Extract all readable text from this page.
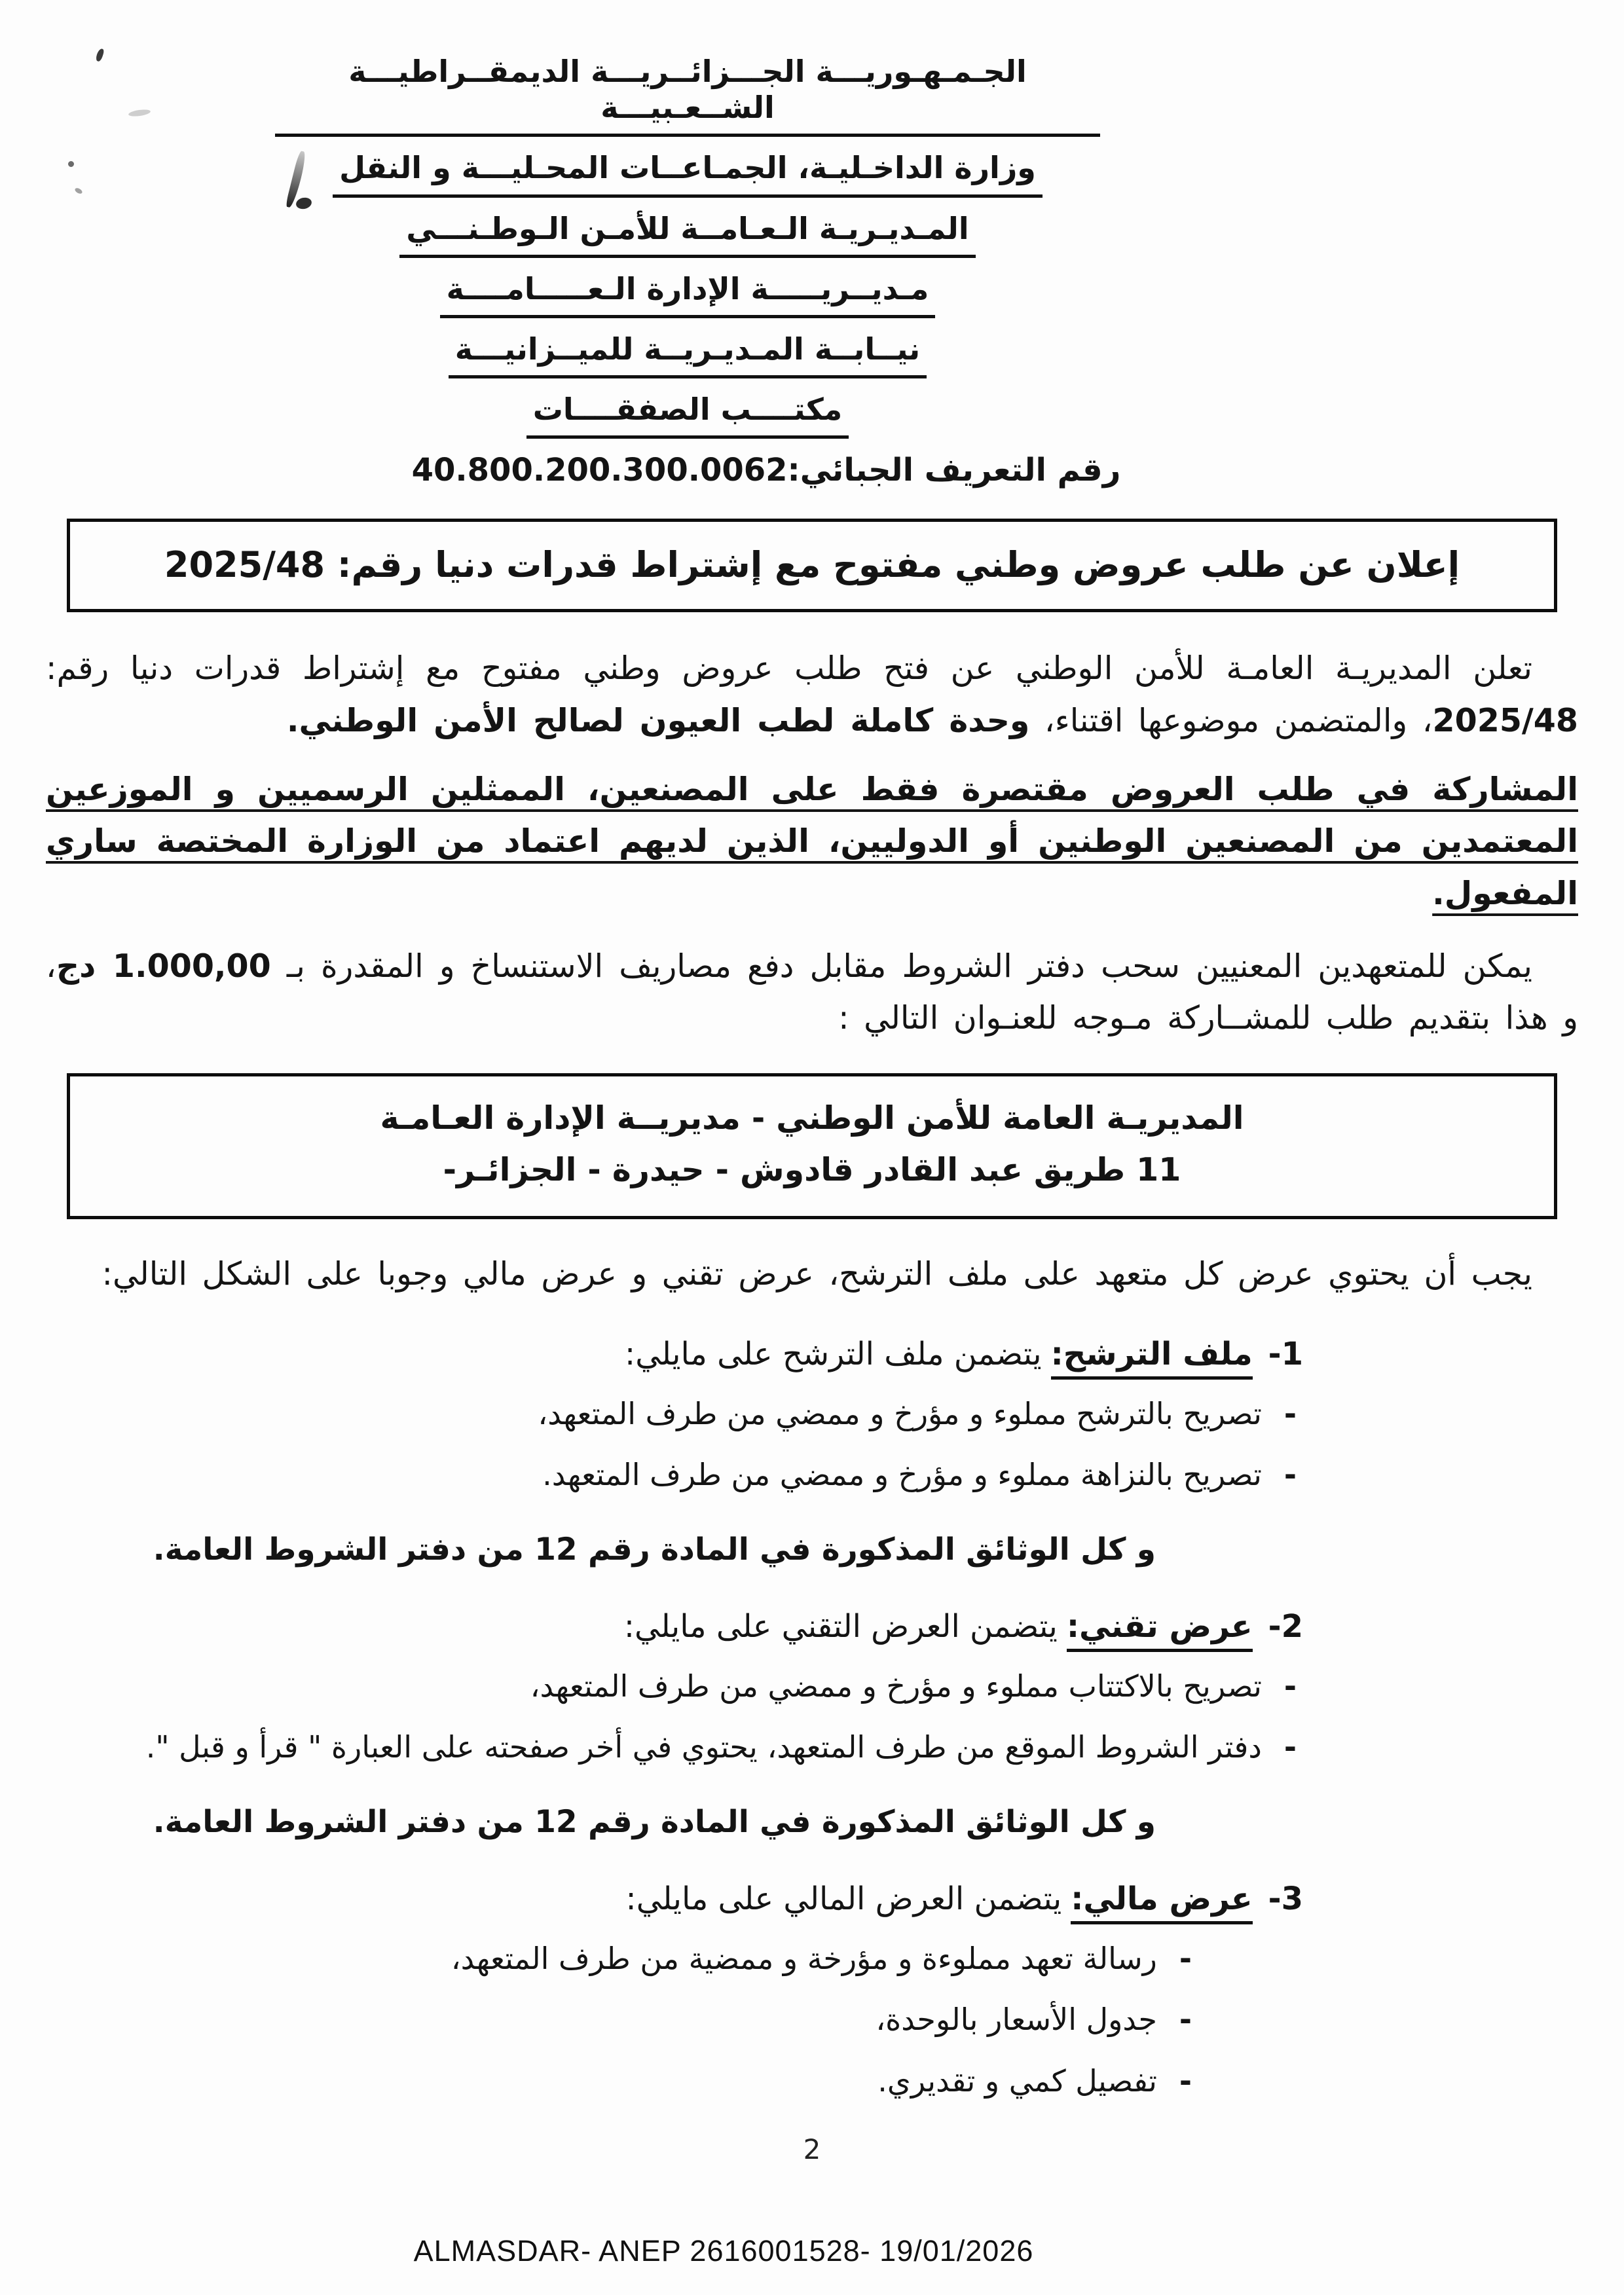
الجـمـهـوريـــة الجـــزائــريـــة الديمقــراطيـــة الشــعـبيـــة
وزارة الداخـليـة، الجمـاعــات المحـليـــة و النقل
المـديـريـة الـعـامــة للأمـن الـوطـنـــي
مـديــريـــــة الإدارة الـعـــــامــــة
نيــابــة المـديـريــة للميــزانيـــة
مكتــــب الصفقــــات
رقم التعريف الجبائي:40.800.200.300.0062
إعلان عن طلب عروض وطني مفتوح مع إشتراط قدرات دنيا رقم: 2025/48

تعلن المديريـة العامـة للأمن الوطني عن فتح طلب عروض وطني مفتوح مع إشتراط قدرات دنيا رقم: 2025/48، والمتضمن موضوعها اقتناء، وحدة كاملة لطب العيون لصالح الأمن الوطني.

المشاركة في طلب العروض مقتصرة فقط على المصنعين، الممثلين الرسميين و الموزعين المعتمدين من المصنعين الوطنين أو الدوليين، الذين لديهم اعتماد من الوزارة المختصة ساري المفعول.

يمكن للمتعهدين المعنيين سحب دفتر الشروط مقابل دفع مصاريف الاستنساخ و المقدرة بـ 1.000,00 دج، و هذا بتقديم طلب للمشــاركة مـوجه للعنـوان التالي :

المديريـة العامة للأمن الوطني - مديريــة الإدارة العـامـة
11 طريق عبد القادر قادوش - حيدرة - الجزائـر-

يجب أن يحتوي عرض كل متعهد على ملف الترشح، عرض تقني و عرض مالي وجوبا على الشكل التالي:

1-ملف الترشح:يتضمن ملف الترشح على مايلي:

-
تصريح بالترشح مملوء و مؤرخ و ممضي من طرف المتعهد،
-
تصريح بالنزاهة مملوء و مؤرخ و ممضي من طرف المتعهد.

و كل الوثائق المذكورة في المادة رقم 12 من دفتر الشروط العامة.

2-عرض تقني:يتضمن العرض التقني على مايلي:

-
تصريح بالاكتتاب مملوء و مؤرخ و ممضي من طرف المتعهد،
-
دفتر الشروط الموقع من طرف المتعهد، يحتوي في أخر صفحته على العبارة " قرأ و قبل ".

و كل الوثائق المذكورة في المادة رقم 12 من دفتر الشروط العامة.

3-عرض مالي:يتضمن العرض المالي على مايلي:

-
رسالة تعهد مملوءة و مؤرخة و ممضية من طرف المتعهد،
-
جدول الأسعار بالوحدة،
-
تفصيل كمي و تقديري.
2
ALMASDAR- ANEP 2616001528- 19/01/2026
